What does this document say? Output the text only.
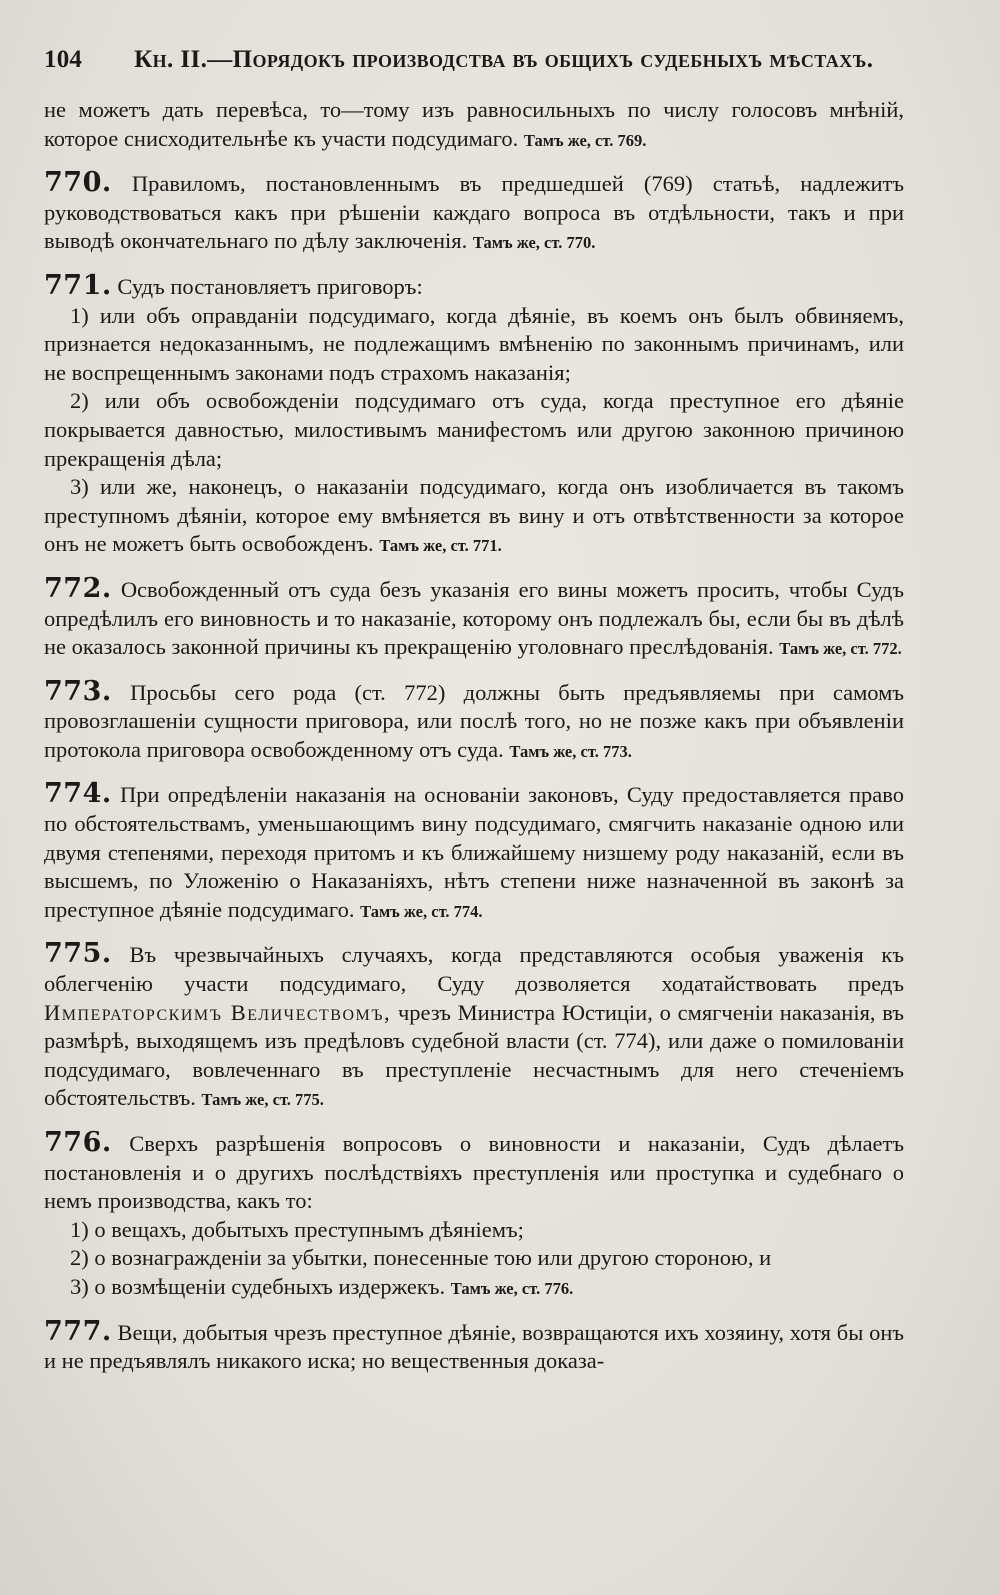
104 Кн. II.—Порядокъ производства въ общихъ судебныхъ мѣстахъ.

не можетъ дать перевѣса, то—тому изъ равносильныхъ по числу голосовъ мнѣній, которое снисходительнѣе къ участи подсудимаго. Тамъ же, ст. 769.

770. Правиломъ, постановленнымъ въ предшедшей (769) статьѣ, надлежитъ руководствоваться какъ при рѣшеніи каждаго вопроса въ отдѣльности, такъ и при выводѣ окончательнаго по дѣлу заключенія. Тамъ же, ст. 770.

771. Судъ постановляетъ приговоръ:

1) или объ оправданіи подсудимаго, когда дѣяніе, въ коемъ онъ былъ обвиняемъ, признается недоказаннымъ, не подлежащимъ вмѣненію по законнымъ причинамъ, или не воспрещеннымъ законами подъ страхомъ наказанія;

2) или объ освобожденіи подсудимаго отъ суда, когда преступное его дѣяніе покрывается давностью, милостивымъ манифестомъ или другою законною причиною прекращенія дѣла;

3) или же, наконецъ, о наказаніи подсудимаго, когда онъ изобличается въ такомъ преступномъ дѣяніи, которое ему вмѣняется въ вину и отъ отвѣтственности за которое онъ не можетъ быть освобожденъ. Тамъ же, ст. 771.

772. Освобожденный отъ суда безъ указанія его вины можетъ просить, чтобы Судъ опредѣлилъ его виновность и то наказаніе, которому онъ подлежалъ бы, если бы въ дѣлѣ не оказалось законной причины къ прекращенію уголовнаго преслѣдованія. Тамъ же, ст. 772.

773. Просьбы сего рода (ст. 772) должны быть предъявляемы при самомъ провозглашеніи сущности приговора, или послѣ того, но не позже какъ при объявленіи протокола приговора освобожденному отъ суда. Тамъ же, ст. 773.

774. При опредѣленіи наказанія на основаніи законовъ, Суду предоставляется право по обстоятельствамъ, уменьшающимъ вину подсудимаго, смягчить наказаніе одною или двумя степенями, переходя притомъ и къ ближайшему низшему роду наказаній, если въ высшемъ, по Уложенію о Наказаніяхъ, нѣтъ степени ниже назначенной въ законѣ за преступное дѣяніе подсудимаго. Тамъ же, ст. 774.

775. Въ чрезвычайныхъ случаяхъ, когда представляются особыя уваженія къ облегченію участи подсудимаго, Суду дозволяется ходатайствовать предъ Императорскимъ Величествомъ, чрезъ Министра Юстиціи, о смягченіи наказанія, въ размѣрѣ, выходящемъ изъ предѣловъ судебной власти (ст. 774), или даже о помилованіи подсудимаго, вовлеченнаго въ преступленіе несчастнымъ для него стеченіемъ обстоятельствъ. Тамъ же, ст. 775.

776. Сверхъ разрѣшенія вопросовъ о виновности и наказаніи, Судъ дѣлаетъ постановленія и о другихъ послѣдствіяхъ преступленія или проступка и судебнаго о немъ производства, какъ то:

1) о вещахъ, добытыхъ преступнымъ дѣяніемъ;

2) о вознагражденіи за убытки, понесенные тою или другою стороною, и

3) о возмѣщеніи судебныхъ издержекъ. Тамъ же, ст. 776.

777. Вещи, добытыя чрезъ преступное дѣяніе, возвращаются ихъ хозяину, хотя бы онъ и не предъявлялъ никакого иска; но вещественныя доказа-
